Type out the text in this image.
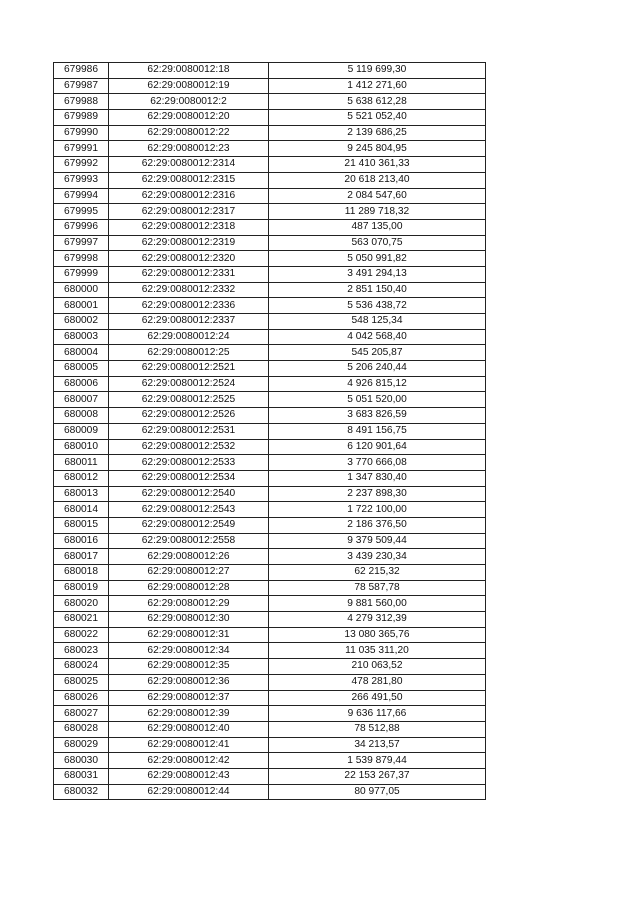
679986	62:29:0080012:18	5 119 699,30
679987	62:29:0080012:19	1 412 271,60
679988	62:29:0080012:2	5 638 612,28
679989	62:29:0080012:20	5 521 052,40
679990	62:29:0080012:22	2 139 686,25
679991	62:29:0080012:23	9 245 804,95
679992	62:29:0080012:2314	21 410 361,33
679993	62:29:0080012:2315	20 618 213,40
679994	62:29:0080012:2316	2 084 547,60
679995	62:29:0080012:2317	11 289 718,32
679996	62:29:0080012:2318	487 135,00
679997	62:29:0080012:2319	563 070,75
679998	62:29:0080012:2320	5 050 991,82
679999	62:29:0080012:2331	3 491 294,13
680000	62:29:0080012:2332	2 851 150,40
680001	62:29:0080012:2336	5 536 438,72
680002	62:29:0080012:2337	548 125,34
680003	62:29:0080012:24	4 042 568,40
680004	62:29:0080012:25	545 205,87
680005	62:29:0080012:2521	5 206 240,44
680006	62:29:0080012:2524	4 926 815,12
680007	62:29:0080012:2525	5 051 520,00
680008	62:29:0080012:2526	3 683 826,59
680009	62:29:0080012:2531	8 491 156,75
680010	62:29:0080012:2532	6 120 901,64
680011	62:29:0080012:2533	3 770 666,08
680012	62:29:0080012:2534	1 347 830,40
680013	62:29:0080012:2540	2 237 898,30
680014	62:29:0080012:2543	1 722 100,00
680015	62:29:0080012:2549	2 186 376,50
680016	62:29:0080012:2558	9 379 509,44
680017	62:29:0080012:26	3 439 230,34
680018	62:29:0080012:27	62 215,32
680019	62:29:0080012:28	78 587,78
680020	62:29:0080012:29	9 881 560,00
680021	62:29:0080012:30	4 279 312,39
680022	62:29:0080012:31	13 080 365,76
680023	62:29:0080012:34	11 035 311,20
680024	62:29:0080012:35	210 063,52
680025	62:29:0080012:36	478 281,80
680026	62:29:0080012:37	266 491,50
680027	62:29:0080012:39	9 636 117,66
680028	62:29:0080012:40	78 512,88
680029	62:29:0080012:41	34 213,57
680030	62:29:0080012:42	1 539 879,44
680031	62:29:0080012:43	22 153 267,37
680032	62:29:0080012:44	80 977,05
